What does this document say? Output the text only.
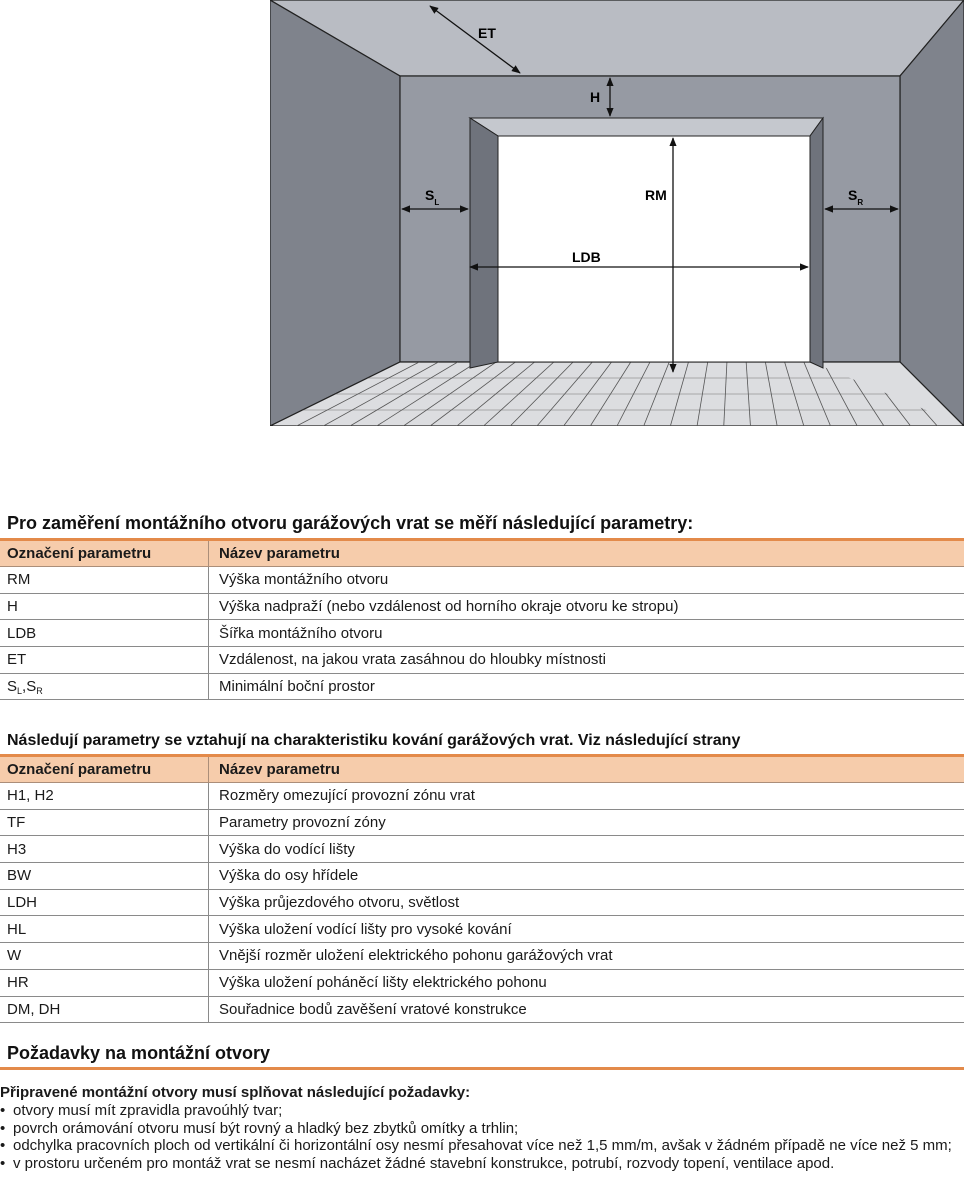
ET
H
RM
LDB
$S_L$	$S_R$
Pro zaměření montážního otvoru garážových vrat se měří následující parametry:
Označení parametru	Název parametru
RM	Výška montážního otvoru
H	Výška nadpraží (nebo vzdálenost od horního okraje otvoru ke stropu)
LDB	Šířka montážního otvoru
ET	Vzdálenost, na jakou vrata zasáhnou do hloubky místnosti
$S_L,S_R$	Minimální boční prostor
Následují parametry se vztahují na charakteristiku kování garážových vrat. Viz následující strany
Označení parametru	Název parametru
H1, H2	Rozměry omezující provozní zónu vrat
TF	Parametry provozní zóny
H3	Výška do vodící lišty
BW	Výška do osy hřídele
LDH	Výška průjezdového otvoru, světlost
HL	Výška uložení vodící lišty pro vysoké kování
W	Vnější rozměr uložení elektrického pohonu garážových vrat
HR	Výška uložení poháněcí lišty elektrického pohonu
DM, DH	Souřadnice bodů zavěšení vratové konstrukce
Požadavky na montážní otvory

Připravené montážní otvory musí splňovat následující požadavky:

• otvory musí mít zpravidla pravoúhlý tvar;
• povrch orámování otvoru musí být rovný a hladký bez zbytků omítky a trhlin;
• odchylka pracovních ploch od vertikální či horizontální osy nesmí přesahovat více než 1,5 mm/m, avšak v žádném případě ne více než 5 mm;
• v prostoru určeném pro montáž vrat se nesmí nacházet žádné stavební konstrukce, potrubí, rozvody topení, ventilace apod.
